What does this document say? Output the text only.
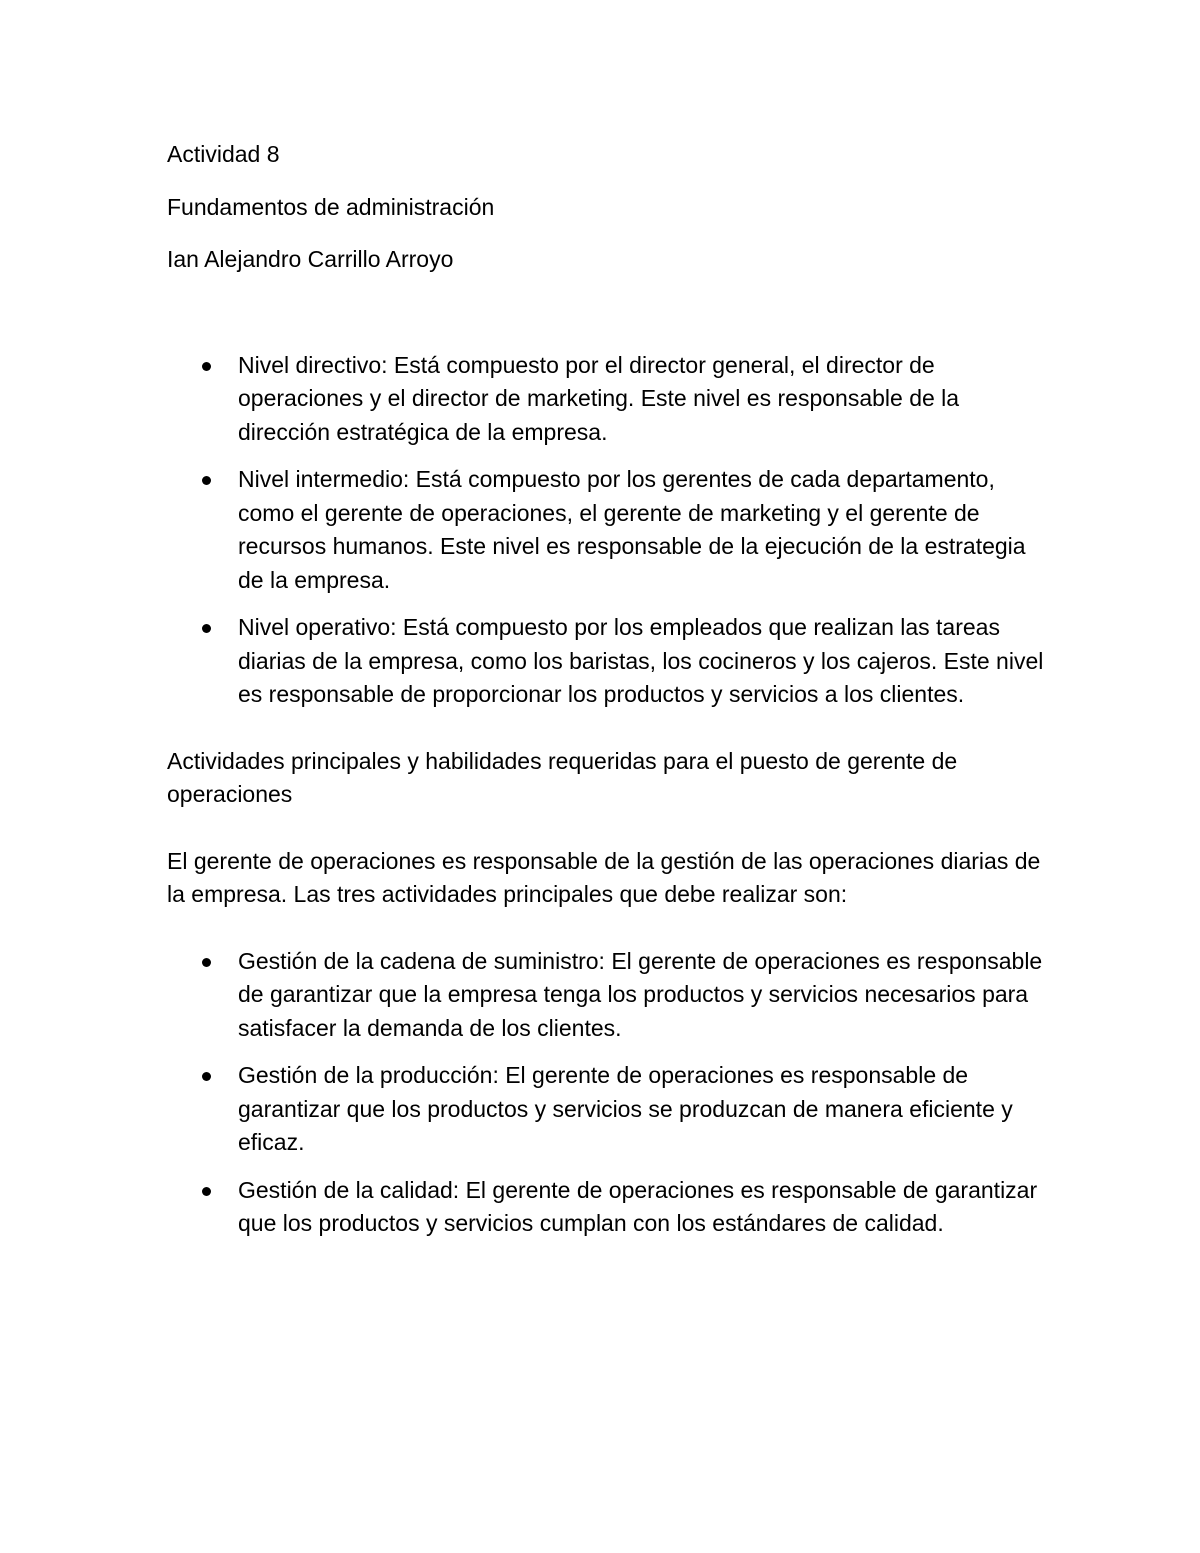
Actividad 8

Fundamentos de administración

Ian Alejandro Carrillo Arroyo

Nivel directivo: Está compuesto por el director general, el director de operaciones y el director de marketing. Este nivel es responsable de la dirección estratégica de la empresa.
Nivel intermedio: Está compuesto por los gerentes de cada departamento, como el gerente de operaciones, el gerente de marketing y el gerente de recursos humanos. Este nivel es responsable de la ejecución de la estrategia de la empresa.
Nivel operativo: Está compuesto por los empleados que realizan las tareas diarias de la empresa, como los baristas, los cocineros y los cajeros. Este nivel es responsable de proporcionar los productos y servicios a los clientes.

Actividades principales y habilidades requeridas para el puesto de gerente de operaciones

El gerente de operaciones es responsable de la gestión de las operaciones diarias de la empresa. Las tres actividades principales que debe realizar son:

Gestión de la cadena de suministro: El gerente de operaciones es responsable de garantizar que la empresa tenga los productos y servicios necesarios para satisfacer la demanda de los clientes.
Gestión de la producción: El gerente de operaciones es responsable de garantizar que los productos y servicios se produzcan de manera eficiente y eficaz.
Gestión de la calidad: El gerente de operaciones es responsable de garantizar que los productos y servicios cumplan con los estándares de calidad.
